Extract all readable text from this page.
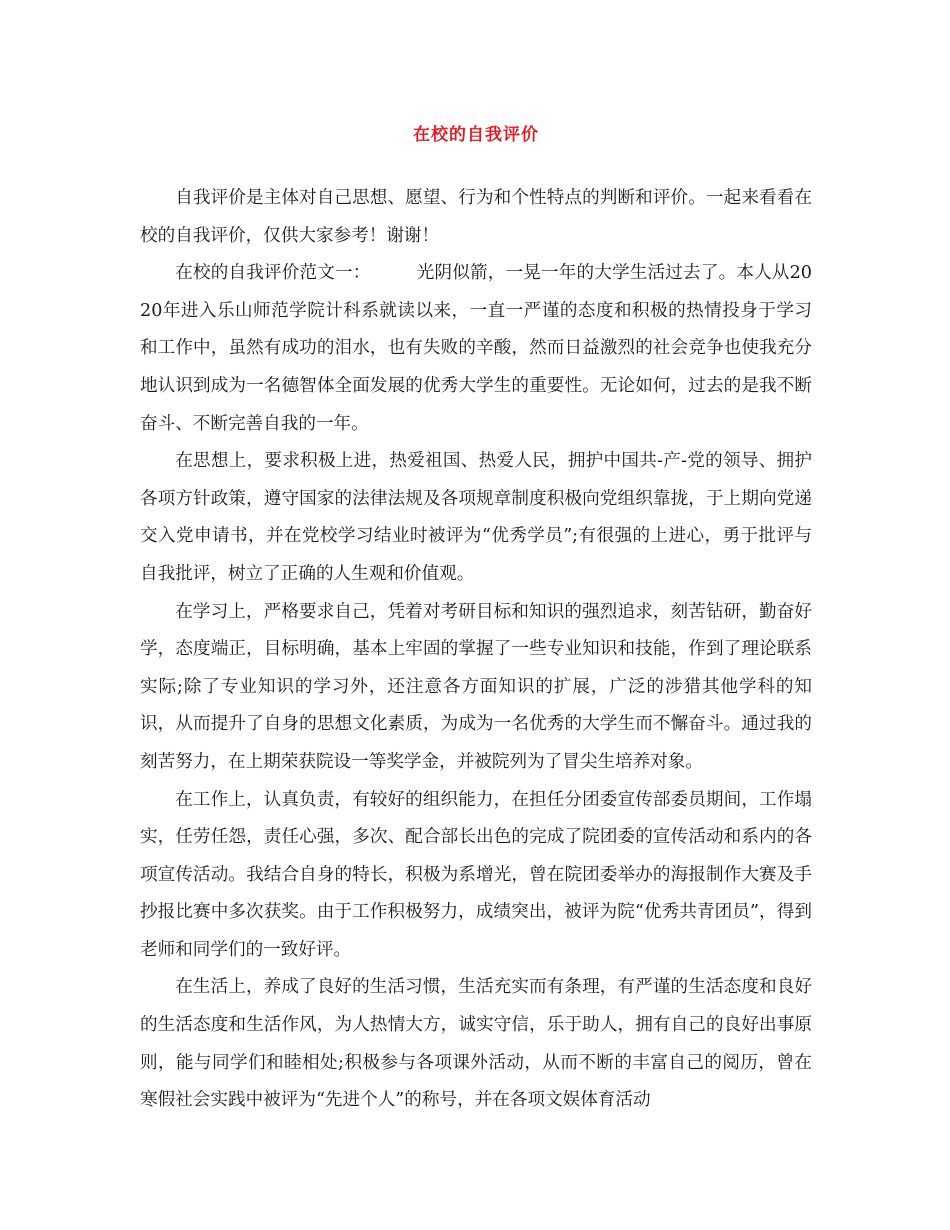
在校的自我评价

自我评价是主体对自己思想、愿望、行为和个性特点的判断和评价。一起来看看在校的自我评价，仅供大家参考！谢谢！

在校的自我评价范文一：	光阴似箭，一晃一年的大学生活过去了。本人从2020年进入乐山师范学院计科系就读以来，一直一严谨的态度和积极的热情投身于学习和工作中，虽然有成功的泪水，也有失败的辛酸，然而日益激烈的社会竞争也使我充分地认识到成为一名德智体全面发展的优秀大学生的重要性。无论如何，过去的是我不断奋斗、不断完善自我的一年。

在思想上，要求积极上进，热爱祖国、热爱人民，拥护中国共-产-党的领导、拥护各项方针政策，遵守国家的法律法规及各项规章制度积极向党组织靠拢，于上期向党递交入党申请书，并在党校学习结业时被评为“优秀学员”;有很强的上进心，勇于批评与自我批评，树立了正确的人生观和价值观。

在学习上，严格要求自己，凭着对考研目标和知识的强烈追求，刻苦钻研，勤奋好学，态度端正，目标明确，基本上牢固的掌握了一些专业知识和技能，作到了理论联系实际;除了专业知识的学习外，还注意各方面知识的扩展，广泛的涉猎其他学科的知识，从而提升了自身的思想文化素质，为成为一名优秀的大学生而不懈奋斗。通过我的刻苦努力，在上期荣获院设一等奖学金，并被院列为了冒尖生培养对象。

在工作上，认真负责，有较好的组织能力，在担任分团委宣传部委员期间，工作塌实，任劳任怨，责任心强，多次、配合部长出色的完成了院团委的宣传活动和系内的各项宣传活动。我结合自身的特长，积极为系增光，曾在院团委举办的海报制作大赛及手抄报比赛中多次获奖。由于工作积极努力，成绩突出，被评为院“优秀共青团员”，得到老师和同学们的一致好评。

在生活上，养成了良好的生活习惯，生活充实而有条理，有严谨的生活态度和良好的生活态度和生活作风，为人热情大方，诚实守信，乐于助人，拥有自己的良好出事原则，能与同学们和睦相处;积极参与各项课外活动，从而不断的丰富自己的阅历，曾在寒假社会实践中被评为“先进个人”的称号，并在各项文娱体育活动
